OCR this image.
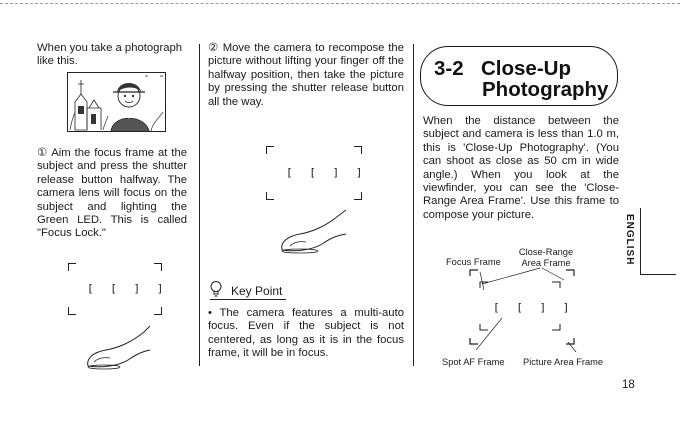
When you take a photograph like this.

① Aim the focus frame at the subject and press the shutter release button halfway. The camera lens will focus on the subject and lighting the Green LED. This is called "Focus Lock."

[ [ ] ]

② Move the camera to recompose the picture without lifting your finger off the halfway position, then take the picture by pressing the shutter release button all the way.

[ [ ] ]
Key Point

• The camera features a multi-auto focus. Even if the subject is not centered, as long as it is in the focus frame, it will be in focus.

3-2 Close-Up
Photography

When the distance between the subject and camera is less than 1.0 m, this is 'Close-Up Photography'. (You can shoot as close as 50 cm in wide angle.) When you look at the viewfinder, you can see the 'Close-Range Area Frame'. Use this frame to compose your picture.

Close-Range Area Frame
Focus Frame
[ [ ] ]
Spot AF Frame Picture Area Frame
ENGLISH
18
